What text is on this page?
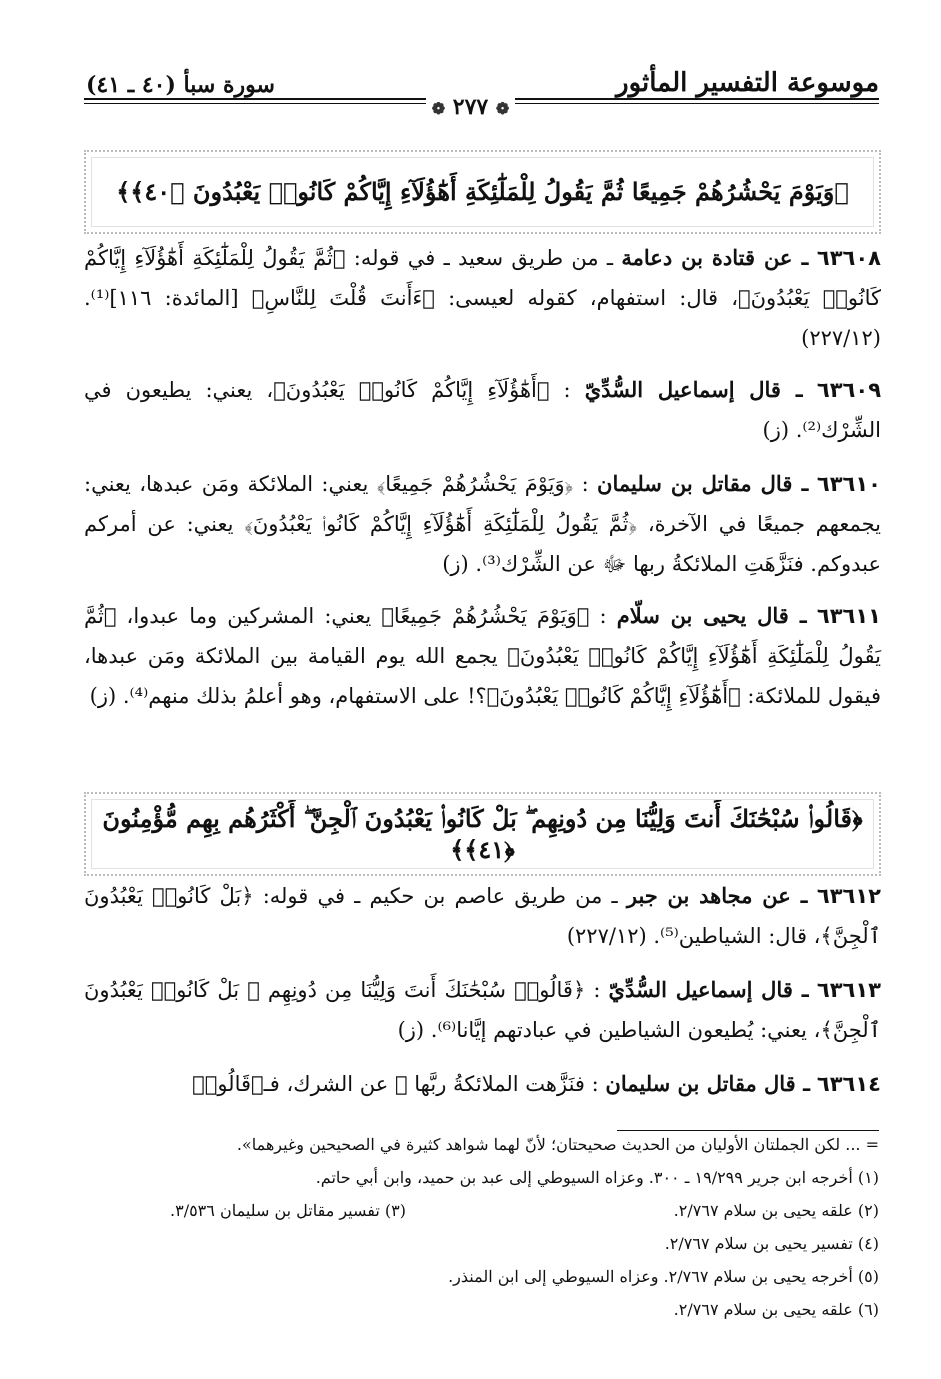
موسوعة التفسير المأثور
سورة سبأ (٤٠ ـ ٤١)
❁ ٢٧٧ ❁
﴿وَيَوْمَ يَحْشُرُهُمْ جَمِيعًا ثُمَّ يَقُولُ لِلْمَلَٰٓئِكَةِ أَهَٰٓؤُلَآءِ إِيَّاكُمْ كَانُوا۟ يَعْبُدُونَ ﴿٤٠﴾﴾
٦٣٦٠٨ ـ عن قتادة بن دعامة ـ من طريق سعيد ـ في قوله: ﴿ثُمَّ يَقُولُ لِلْمَلَٰٓئِكَةِ أَهَٰٓؤُلَآءِ إِيَّاكُمْ كَانُوا۟ يَعْبُدُونَ﴾، قال: استفهام، كقوله لعيسى: ﴿ءَأَنتَ قُلْتَ لِلنَّاسِ﴾ [المائدة: ١١٦]⁽¹⁾. (٢٢٧/١٢)
٦٣٦٠٩ ـ قال إسماعيل السُّدِّيّ : ﴿أَهَٰٓؤُلَآءِ إِيَّاكُمْ كَانُوا۟ يَعْبُدُونَ﴾، يعني: يطيعون في الشِّرْك⁽²⁾. (ز)
٦٣٦١٠ ـ قال مقاتل بن سليمان : ﴿وَيَوْمَ يَحْشُرُهُمْ جَمِيعًا﴾ يعني: الملائكة ومَن عبدها، يعني: يجمعهم جميعًا في الآخرة، ﴿ثُمَّ يَقُولُ لِلْمَلَٰٓئِكَةِ أَهَٰٓؤُلَآءِ إِيَّاكُمْ كَانُوا۟ يَعْبُدُونَ﴾ يعني: عن أمركم عبدوكم. فنَزَّهَتِ الملائكةُ ربها ﷻ عن الشِّرْك⁽³⁾. (ز)
٦٣٦١١ ـ قال يحيى بن سلّام : ﴿وَيَوْمَ يَحْشُرُهُمْ جَمِيعًا﴾ يعني: المشركين وما عبدوا، ﴿ثُمَّ يَقُولُ لِلْمَلَٰٓئِكَةِ أَهَٰٓؤُلَآءِ إِيَّاكُمْ كَانُوا۟ يَعْبُدُونَ﴾ يجمع الله يوم القيامة بين الملائكة ومَن عبدها، فيقول للملائكة: ﴿أَهَٰٓؤُلَآءِ إِيَّاكُمْ كَانُوا۟ يَعْبُدُونَ﴾؟! على الاستفهام، وهو أعلمُ بذلك منهم⁽⁴⁾. (ز)
﴿قَالُوا۟ سُبْحَٰنَكَ أَنتَ وَلِيُّنَا مِن دُونِهِم ۖ بَلْ كَانُوا۟ يَعْبُدُونَ ٱلْجِنَّ ۖ أَكْثَرُهُم بِهِم مُّؤْمِنُونَ ﴿٤١﴾﴾
٦٣٦١٢ ـ عن مجاهد بن جبر ـ من طريق عاصم بن حكيم ـ في قوله: ﴿بَلْ كَانُوا۟ يَعْبُدُونَ ٱلْجِنَّ﴾، قال: الشياطين⁽⁵⁾. (٢٢٧/١٢)
٦٣٦١٣ ـ قال إسماعيل السُّدِّيّ : ﴿قَالُوا۟ سُبْحَٰنَكَ أَنتَ وَلِيُّنَا مِن دُونِهِم ۖ بَلْ كَانُوا۟ يَعْبُدُونَ ٱلْجِنَّ﴾، يعني: يُطيعون الشياطين في عبادتهم إيَّانا⁽⁶⁾. (ز)
٦٣٦١٤ ـ قال مقاتل بن سليمان : فنَزَّهت الملائكةُ ربَّها ﷻ عن الشرك، فـ﴿قَالُوا۟
= ... لكن الجملتان الأوليان من الحديث صحيحتان؛ لأنّ لهما شواهد كثيرة في الصحيحين وغيرهما».
(١) أخرجه ابن جرير ١٩/٢٩٩ ـ ٣٠٠. وعزاه السيوطي إلى عبد بن حميد، وابن أبي حاتم.
(٢) علقه يحيى بن سلام ٢/٧٦٧.
(٣) تفسير مقاتل بن سليمان ٣/٥٣٦.
(٤) تفسير يحيى بن سلام ٢/٧٦٧.
(٥) أخرجه يحيى بن سلام ٢/٧٦٧. وعزاه السيوطي إلى ابن المنذر.
(٦) علقه يحيى بن سلام ٢/٧٦٧.
